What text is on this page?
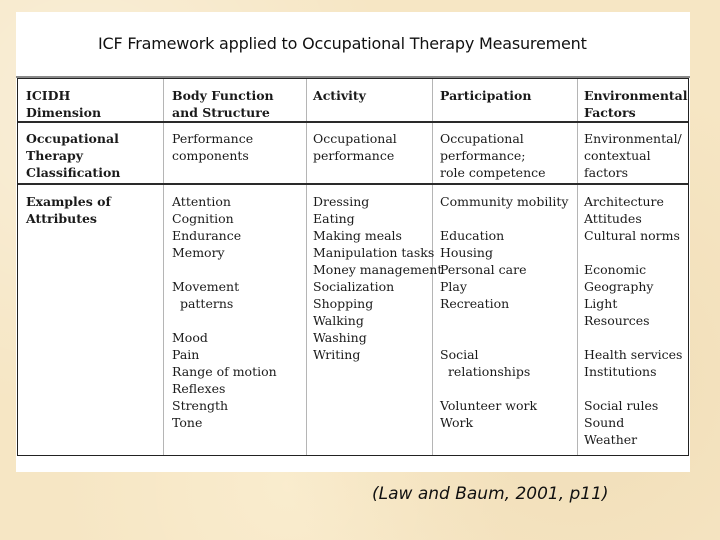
ICF Framework applied to Occupational Therapy Measurement
ICIDH
Dimension
Occupational
Therapy
Classification
Examples of
Attributes
Body Function
and Structure
Performance
components
Attention
Cognition
Endurance
Memory
Movement
patterns
Mood
Pain
Range of motion
Reflexes
Strength
Tone
Activity
Occupational
performance
Dressing
Eating
Making meals
Manipulation tasks
Money management
Socialization
Shopping
Walking
Washing
Writing
Participation
Occupational
performance;
role competence
Community mobility
Education
Housing
Personal care
Play
Recreation
Social
relationships
Volunteer work
Work
Environmental
Factors
Environmental/
contextual
factors
Architecture
Attitudes
Cultural norms
Economic
Geography
Light
Resources
Health services
Institutions
Social rules
Sound
Weather
(Law and Baum, 2001, p11)
